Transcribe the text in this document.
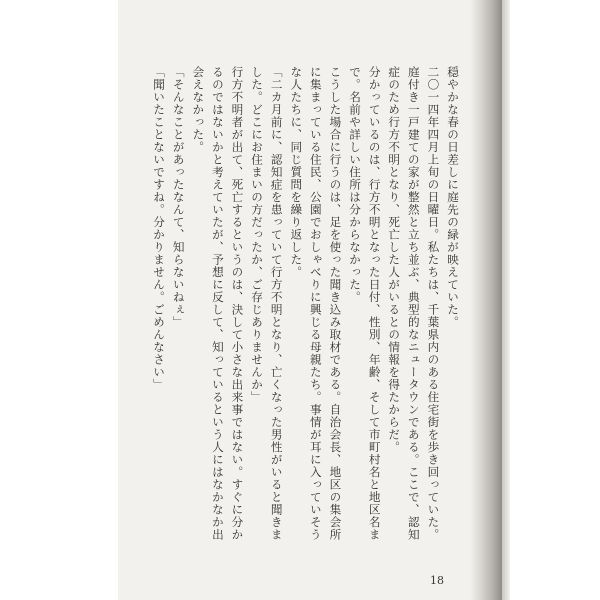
穏やかな春の日差しに庭先の緑が映えていた。

二〇一四年四月上旬の日曜日。私たちは、千葉県内のある住宅街を歩き回っていた。庭付き一戸建ての家が整然と立ち並ぶ、典型的なニュータウンである。ここで、認知症のため行方不明となり、死亡した人がいるとの情報を得たからだ。

分かっているのは、行方不明となった日付、性別、年齢、そして市町村名と地区名まで。名前や詳しい住所は分からなかった。

こうした場合に行うのは、足を使った聞き込み取材である。自治会長、地区の集会所に集まっている住民、公園でおしゃべりに興じる母親たち。事情が耳に入っていそうな人たちに、同じ質問を繰り返した。

「二カ月前に、認知症を患っていて行方不明となり、亡くなった男性がいると聞きました。どこにお住まいの方だったか、ご存じありませんか」

行方不明者が出て、死亡するというのは、決して小さな出来事ではない。すぐに分かるのではないかと考えていたが、予想に反して、知っているという人にはなかなか出会えなかった。

「そんなことがあったなんて、知らないねぇ」

「聞いたことないですね。分かりません。ごめんなさい」

18
